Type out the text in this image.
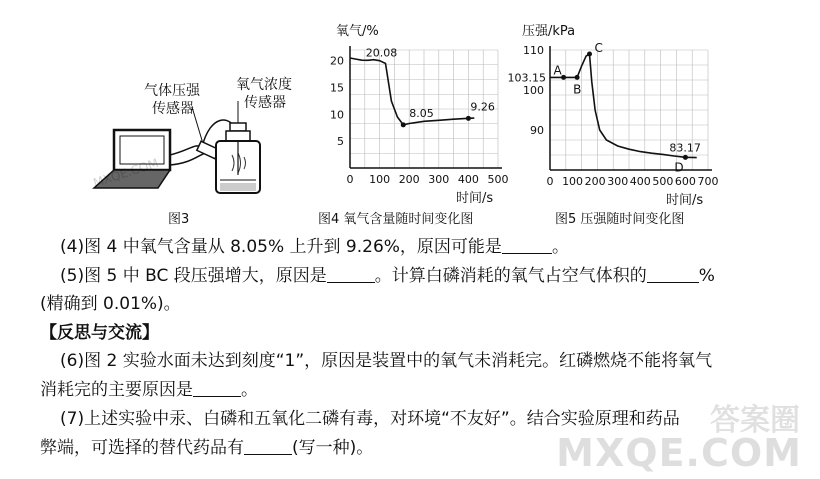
气体压强
传感器
氧气浓度
传感器
MXQE.COM
图3
5
10
15
20
0 100 200 300 400 500
氧气/%
时间/s
20.08
8.05	9.26
图4 氧气含量随时间变化图
90
100
110
0 100 200 300 400 500 600 700
压强/kPa
时间/s
103.15
A
B
C
D
83.17
图5 压强随时间变化图
(4)图 4 中氧气含量从 8.05% 上升到 9.26%，原因可能是	。
(5)图 5 中 BC 段压强增大，原因是	。计算白磷消耗的氧气占空气体积的	%
(精确到 0.01%)。
【反思与交流】
(6)图 2 实验水面未达到刻度“1”，原因是装置中的氧气未消耗完。红磷燃烧不能将氧气
消耗完的主要原因是	。
(7)上述实验中汞、白磷和五氧化二磷有毒，对环境“不友好”。结合实验原理和药品
弊端，可选择的替代药品有	(写一种)。
答案圈
MXQE.COM
